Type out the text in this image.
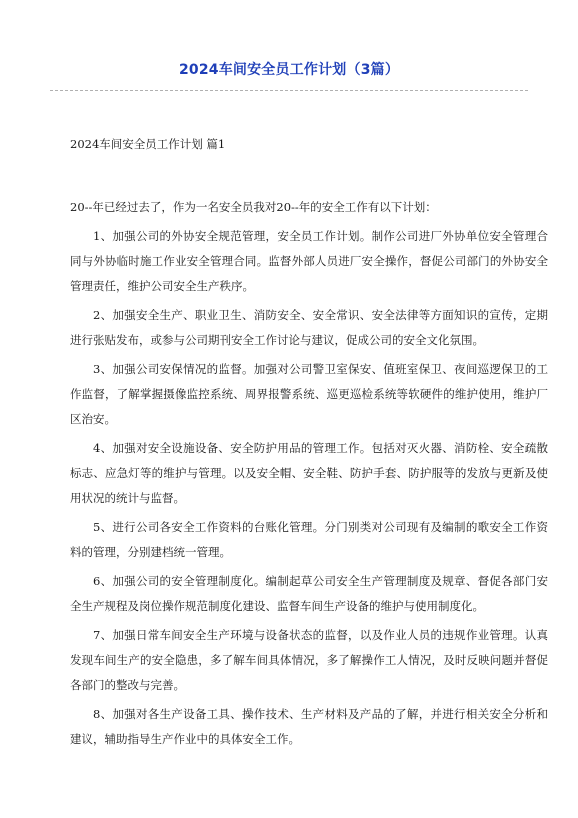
2024车间安全员工作计划（3篇）
2024车间安全员工作计划 篇1

20--年已经过去了，作为一名安全员我对20--年的安全工作有以下计划：

1、加强公司的外协安全规范管理，安全员工作计划。制作公司进厂外协单位安全管理合同与外协临时施工作业安全管理合同。监督外部人员进厂安全操作，督促公司部门的外协安全管理责任，维护公司安全生产秩序。

2、加强安全生产、职业卫生、消防安全、安全常识、安全法律等方面知识的宣传，定期进行张贴发布，或参与公司期刊安全工作讨论与建议，促成公司的安全文化氛围。

3、加强公司安保情况的监督。加强对公司警卫室保安、值班室保卫、夜间巡逻保卫的工作监督，了解掌握摄像监控系统、周界报警系统、巡更巡检系统等软硬件的维护使用，维护厂区治安。

4、加强对安全设施设备、安全防护用品的管理工作。包括对灭火器、消防栓、安全疏散标志、应急灯等的维护与管理。以及安全帽、安全鞋、防护手套、防护服等的发放与更新及使用状况的统计与监督。

5、进行公司各安全工作资料的台账化管理。分门别类对公司现有及编制的歌安全工作资料的管理，分别建档统一管理。

6、加强公司的安全管理制度化。编制起草公司安全生产管理制度及规章、督促各部门安全生产规程及岗位操作规范制度化建设、监督车间生产设备的维护与使用制度化。

7、加强日常车间安全生产环境与设备状态的监督，以及作业人员的违规作业管理。认真发现车间生产的安全隐患，多了解车间具体情况，多了解操作工人情况，及时反映问题并督促各部门的整改与完善。

8、加强对各生产设备工具、操作技术、生产材料及产品的了解，并进行相关安全分析和建议，辅助指导生产作业中的具体安全工作。
